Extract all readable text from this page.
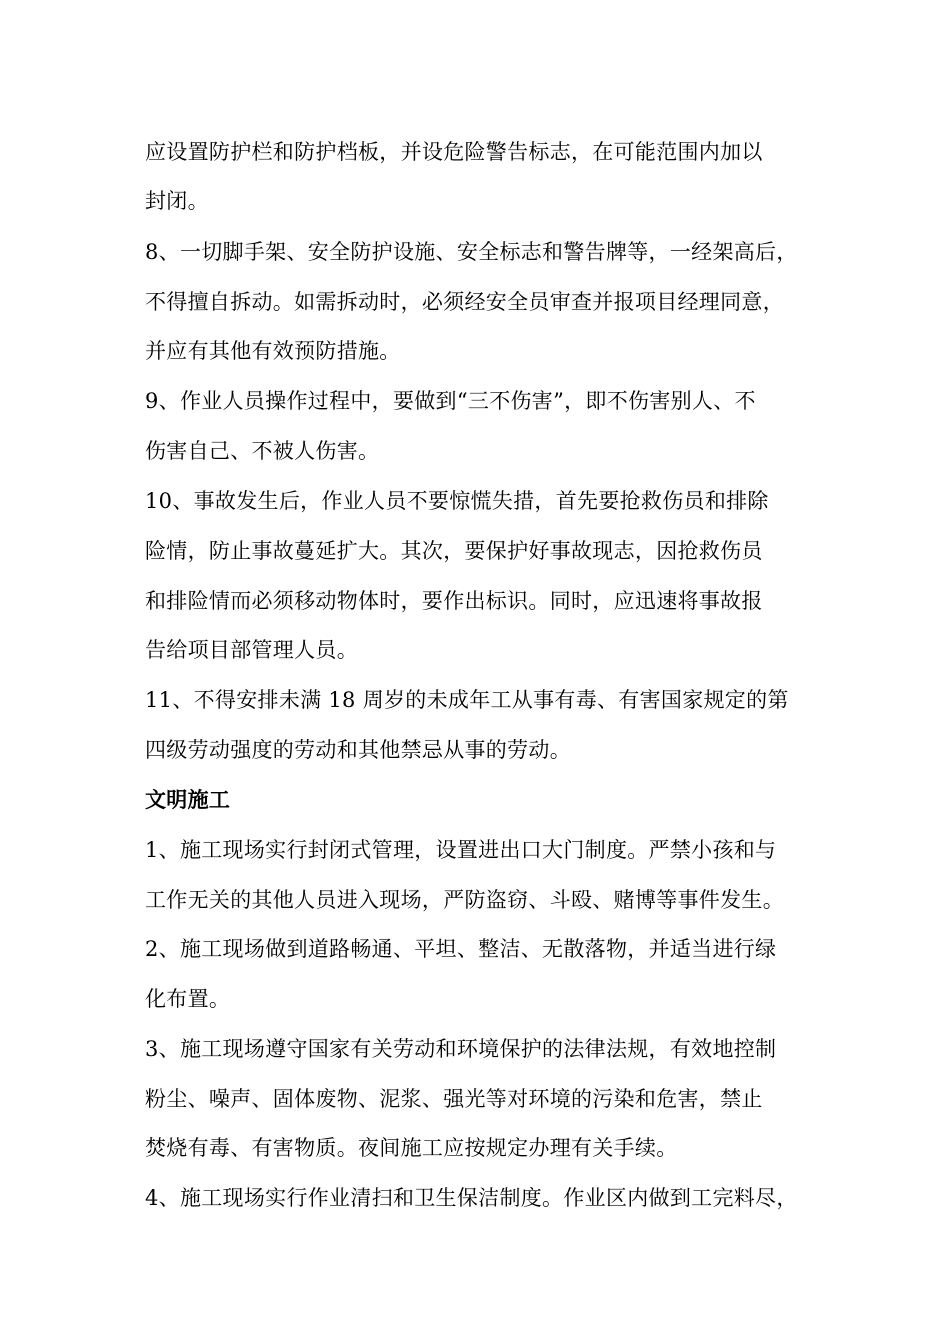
应设置防护栏和防护档板，并设危险警告标志，在可能范围内加以
封闭。
8、一切脚手架、安全防护设施、安全标志和警告牌等，一经架高后，
不得擅自拆动。如需拆动时，必须经安全员审查并报项目经理同意，
并应有其他有效预防措施。
9、作业人员操作过程中，要做到“三不伤害”，即不伤害别人、不
伤害自己、不被人伤害。
10、事故发生后，作业人员不要惊慌失措，首先要抢救伤员和排除
险情，防止事故蔓延扩大。其次，要保护好事故现志，因抢救伤员
和排险情而必须移动物体时，要作出标识。同时，应迅速将事故报
告给项目部管理人员。
11、不得安排未满 18 周岁的未成年工从事有毒、有害国家规定的第
四级劳动强度的劳动和其他禁忌从事的劳动。
文明施工
1、施工现场实行封闭式管理，设置进出口大门制度。严禁小孩和与
工作无关的其他人员进入现场，严防盗窃、斗殴、赌博等事件发生。
2、施工现场做到道路畅通、平坦、整洁、无散落物，并适当进行绿
化布置。
3、施工现场遵守国家有关劳动和环境保护的法律法规，有效地控制
粉尘、噪声、固体废物、泥浆、强光等对环境的污染和危害，禁止
焚烧有毒、有害物质。夜间施工应按规定办理有关手续。
4、施工现场实行作业清扫和卫生保洁制度。作业区内做到工完料尽，
